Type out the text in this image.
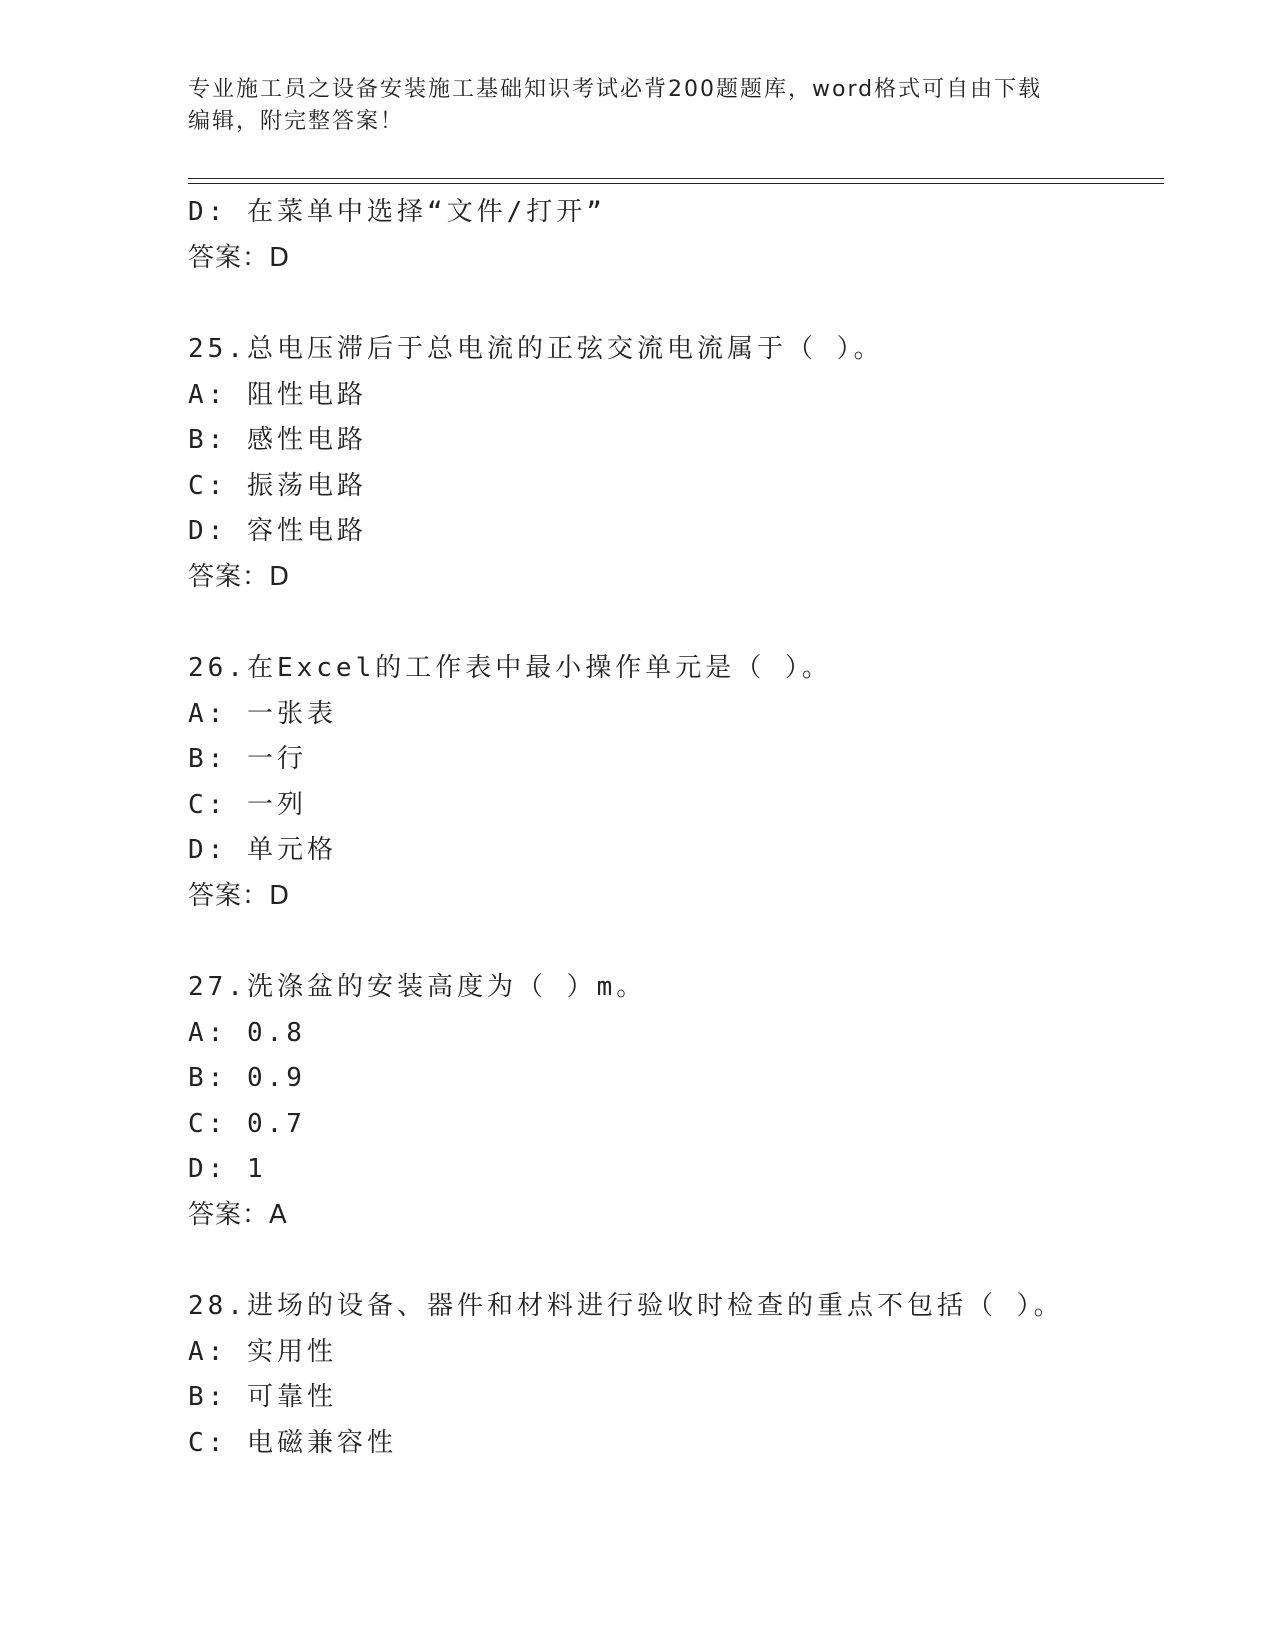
专业施工员之设备安装施工基础知识考试必背200题题库，word格式可自由下载
编辑，附完整答案！
D: 在菜单中选择“文件/打开”
答案：D
25.总电压滞后于总电流的正弦交流电流属于（ ）。
A: 阻性电路
B: 感性电路
C: 振荡电路
D: 容性电路
答案：D
26.在Excel的工作表中最小操作单元是（ ）。
A: 一张表
B: 一行
C: 一列
D: 单元格
答案：D
27.洗涤盆的安装高度为（ ）m。
A: 0.8
B: 0.9
C: 0.7
D: 1
答案：A
28.进场的设备、器件和材料进行验收时检查的重点不包括（ ）。
A: 实用性
B: 可靠性
C: 电磁兼容性
